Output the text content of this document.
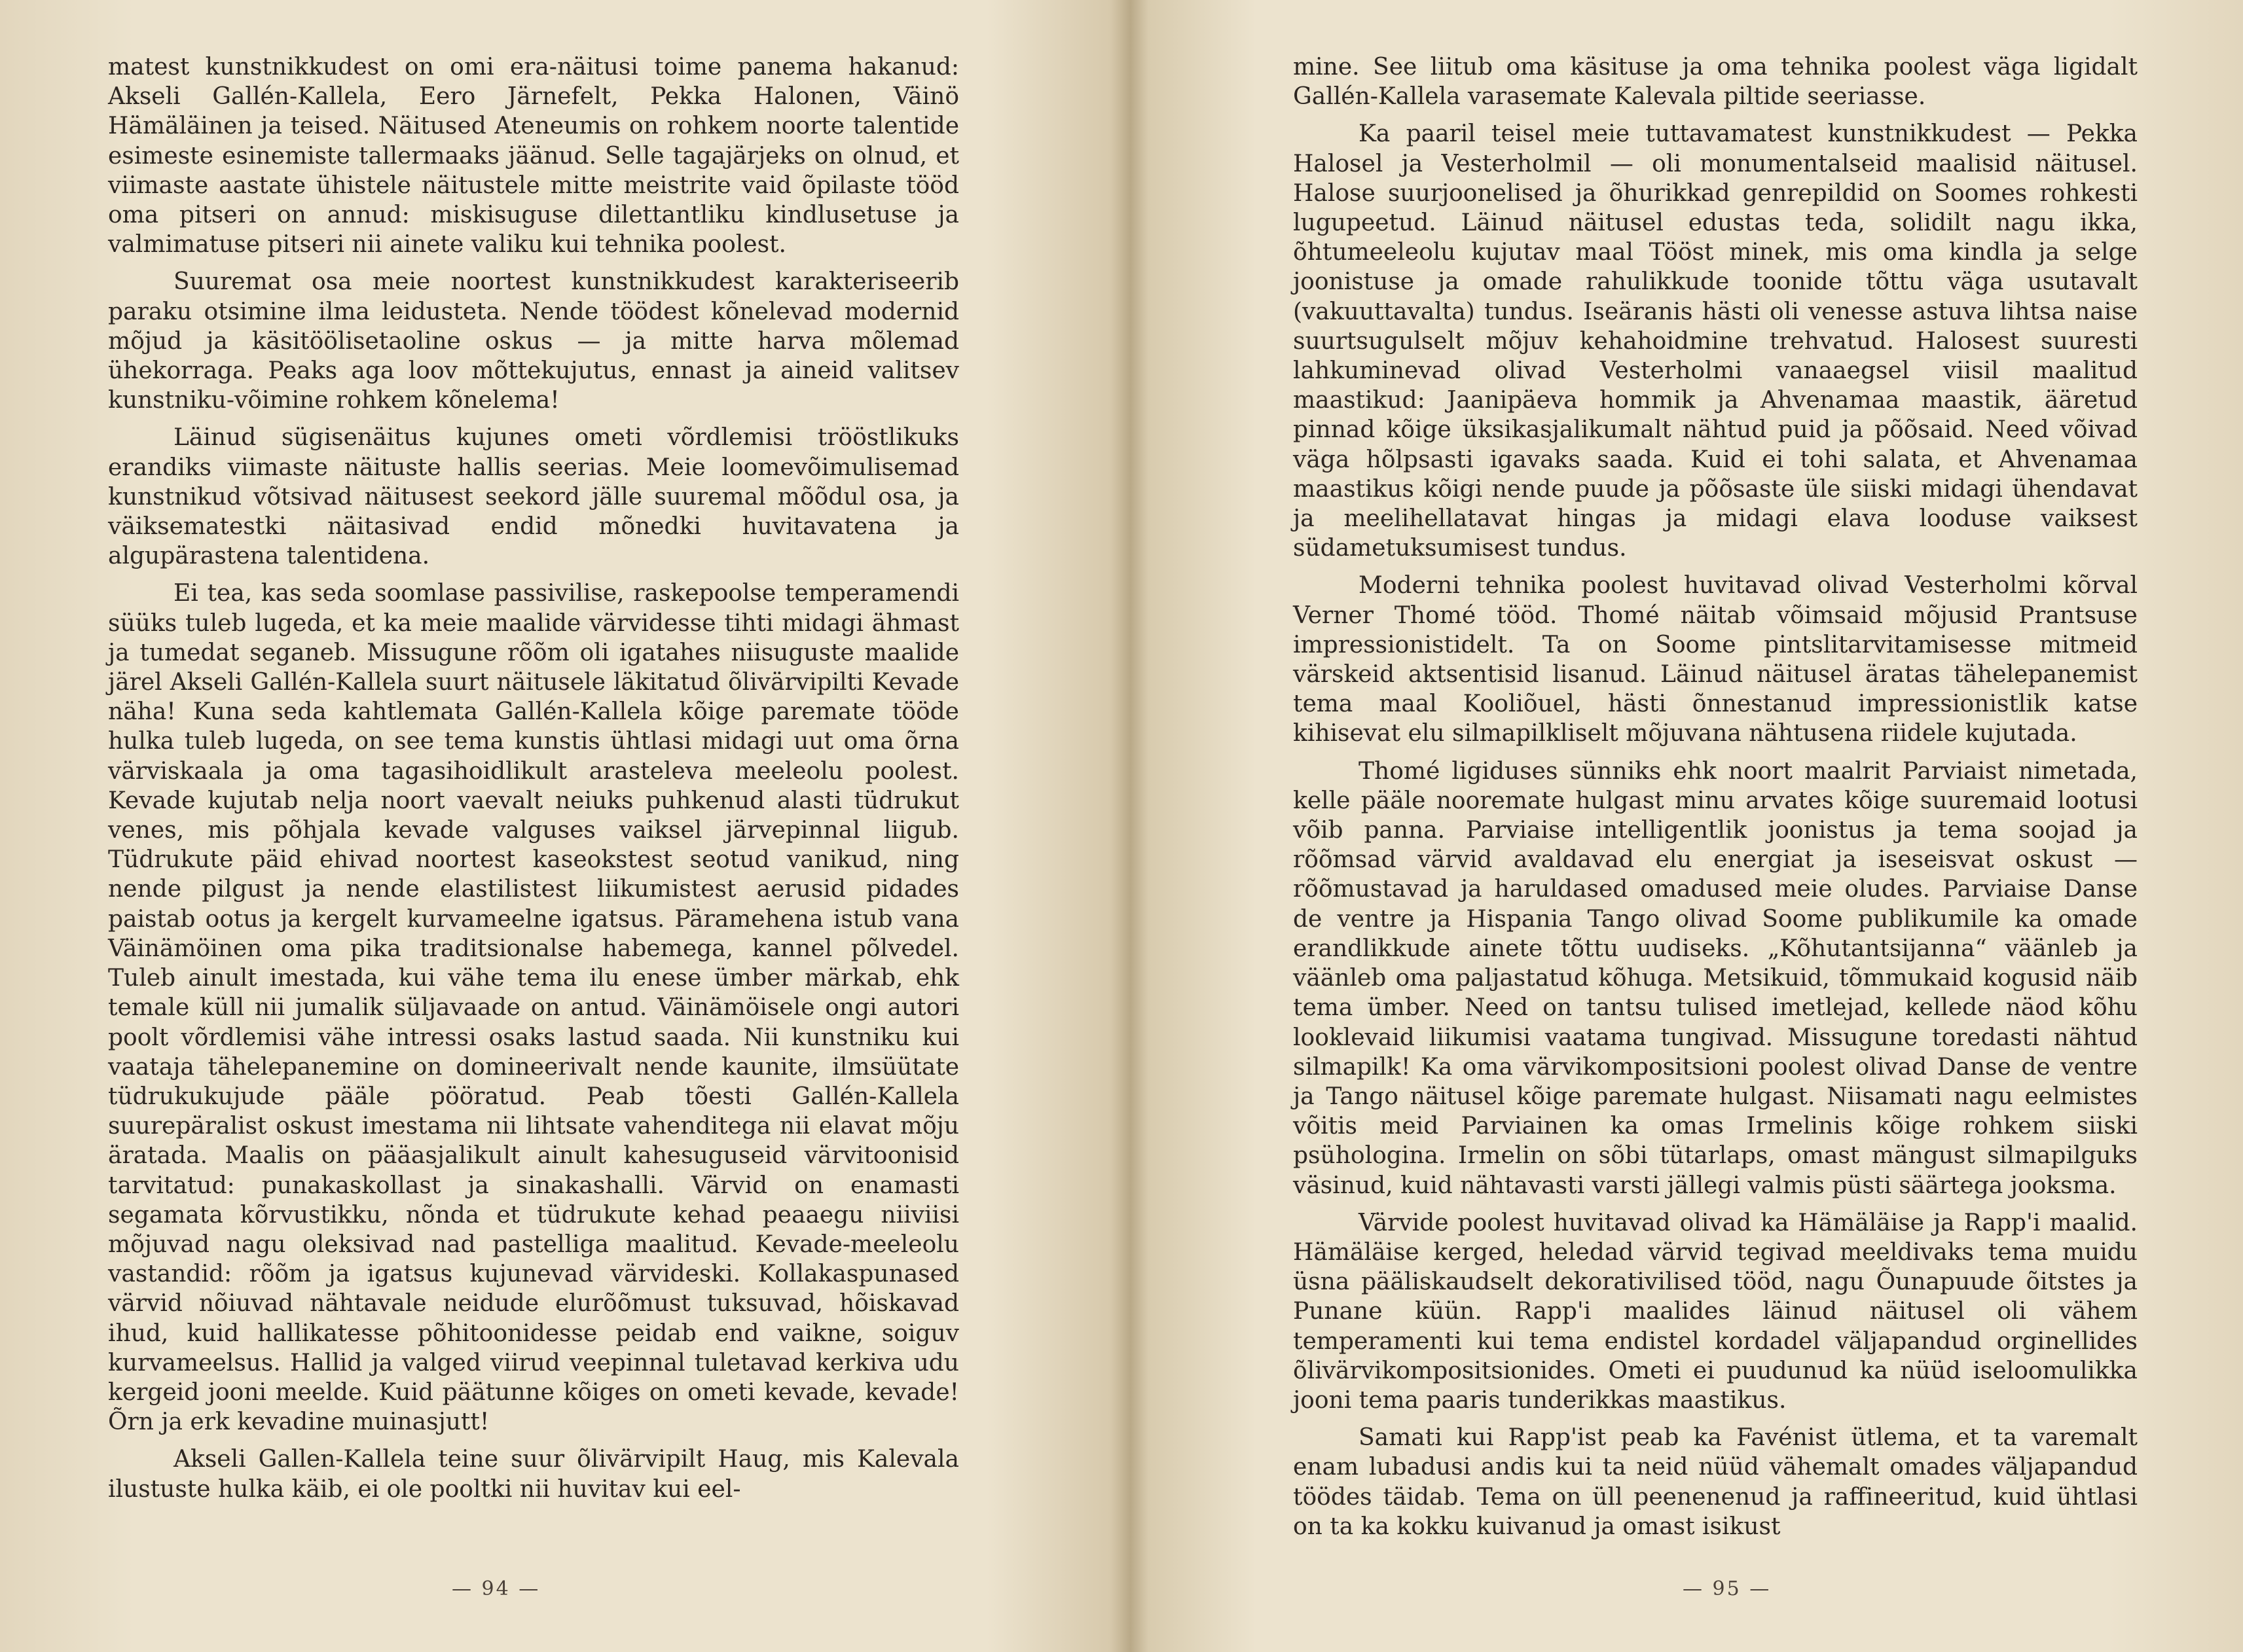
matest kunstnikkudest on omi era-näitusi toime panema hakanud: Akseli Gallén-Kallela, Eero Järnefelt, Pekka Halonen, Väinö Hämäläinen ja teised. Näitused Ateneumis on rohkem noorte talentide esimeste esinemiste tallermaaks jäänud. Selle tagajärjeks on olnud, et viimaste aastate ühistele näitustele mitte meistrite vaid õpilaste tööd oma pitseri on annud: miskisuguse dilettantliku kindlusetuse ja valmimatuse pitseri nii ainete valiku kui tehnika poolest.

Suuremat osa meie noortest kunstnikkudest karakteriseerib paraku otsimine ilma leidusteta. Nende töödest kõnelevad modernid mõjud ja käsitöölisetaoline oskus — ja mitte harva mõlemad ühekorraga. Peaks aga loov mõttekujutus, ennast ja aineid valitsev kunstniku-võimine rohkem kõnelema!

Läinud sügisenäitus kujunes ometi võrdlemisi trööstlikuks erandiks viimaste näituste hallis seerias. Meie loomevõimulisemad kunstnikud võtsivad näitusest seekord jälle suuremal mõõdul osa, ja väiksematestki näitasivad endid mõnedki huvitavatena ja algupärastena talentidena.

Ei tea, kas seda soomlase passivilise, raskepoolse temperamendi süüks tuleb lugeda, et ka meie maalide värvidesse tihti midagi ähmast ja tumedat seganeb. Missugune rõõm oli igatahes niisuguste maalide järel Akseli Gallén-Kallela suurt näitusele läkitatud õlivärvipilti Kevade näha! Kuna seda kahtlemata Gallén-Kallela kõige paremate tööde hulka tuleb lugeda, on see tema kunstis ühtlasi midagi uut oma õrna värviskaala ja oma tagasihoidlikult arasteleva meeleolu poolest. Kevade kujutab nelja noort vaevalt neiuks puhkenud alasti tüdrukut venes, mis põhjala kevade valguses vaiksel järvepinnal liigub. Tüdrukute päid ehivad noortest kaseokstest seotud vanikud, ning nende pilgust ja nende elastilistest liikumistest aerusid pidades paistab ootus ja kergelt kurvameelne igatsus. Päramehena istub vana Väinämöinen oma pika traditsionalse habemega, kannel põlvedel. Tuleb ainult imestada, kui vähe tema ilu enese ümber märkab, ehk temale küll nii jumalik süljavaade on antud. Väinämöisele ongi autori poolt võrdlemisi vähe intressi osaks lastud saada. Nii kunstniku kui vaataja tähelepanemine on domineerivalt nende kaunite, ilmsüütate tüdrukukujude pääle pööratud. Peab tõesti Gallén-Kallela suurepäralist oskust imestama nii lihtsate vahenditega nii elavat mõju äratada. Maalis on pääasjalikult ainult kahesuguseid värvitoonisid tarvitatud: punakaskollast ja sinakashalli. Värvid on enamasti segamata kõrvustikku, nõnda et tüdrukute kehad peaaegu niiviisi mõjuvad nagu oleksivad nad pastelliga maalitud. Kevade-meeleolu vastandid: rõõm ja igatsus kujunevad värvideski. Kollakaspunased värvid nõiuvad nähtavale neidude elurõõmust tuksuvad, hõiskavad ihud, kuid hallikatesse põhitoonidesse peidab end vaikne, soiguv kurvameelsus. Hallid ja valged viirud veepinnal tuletavad kerkiva udu kergeid jooni meelde. Kuid päätunne kõiges on ometi kevade, kevade! Õrn ja erk kevadine muinasjutt!

Akseli Gallen-Kallela teine suur õlivärvipilt Haug, mis Kalevala ilustuste hulka käib, ei ole pooltki nii huvitav kui eel-

— 94 —

mine. See liitub oma käsituse ja oma tehnika poolest väga ligidalt Gallén-Kallela varasemate Kalevala piltide seeriasse.

Ka paaril teisel meie tuttavamatest kunstnikkudest — Pekka Halosel ja Vesterholmil — oli monumentalseid maalisid näitusel. Halose suurjoonelised ja õhurikkad genrepildid on Soomes rohkesti lugupeetud. Läinud näitusel edustas teda, solidilt nagu ikka, õhtumeeleolu kujutav maal Tööst minek, mis oma kindla ja selge joonistuse ja omade rahulikkude toonide tõttu väga usutavalt (vakuuttavalta) tundus. Iseäranis hästi oli venesse astuva lihtsa naise suurtsugulselt mõjuv kehahoidmine trehvatud. Halosest suuresti lahkuminevad olivad Vesterholmi vanaaegsel viisil maalitud maastikud: Jaanipäeva hommik ja Ahvenamaa maastik, ääretud pinnad kõige üksikasjalikumalt nähtud puid ja põõsaid. Need võivad väga hõlpsasti igavaks saada. Kuid ei tohi salata, et Ahvenamaa maastikus kõigi nende puude ja põõsaste üle siiski midagi ühendavat ja meelihellatavat hingas ja midagi elava looduse vaiksest südametuksumisest tundus.

Moderni tehnika poolest huvitavad olivad Vesterholmi kõrval Verner Thomé tööd. Thomé näitab võimsaid mõjusid Prantsuse impressionistidelt. Ta on Soome pintslitarvitamisesse mitmeid värskeid aktsentisid lisanud. Läinud näitusel äratas tähelepanemist tema maal Kooliõuel, hästi õnnestanud impressionistlik katse kihisevat elu silmapilkliselt mõjuvana nähtusena riidele kujutada.

Thomé ligiduses sünniks ehk noort maalrit Parviaist nimetada, kelle pääle nooremate hulgast minu arvates kõige suuremaid lootusi võib panna. Parviaise intelligentlik joonistus ja tema soojad ja rõõmsad värvid avaldavad elu energiat ja iseseisvat oskust — rõõmustavad ja haruldased omadused meie oludes. Parviaise Danse de ventre ja Hispania Tango olivad Soome publikumile ka omade erandlikkude ainete tõttu uudiseks. „Kõhutantsijanna“ väänleb ja väänleb oma paljastatud kõhuga. Metsikuid, tõmmukaid kogusid näib tema ümber. Need on tantsu tulised imetlejad, kellede näod kõhu looklevaid liikumisi vaatama tungivad. Missugune toredasti nähtud silmapilk! Ka oma värvikompositsioni poolest olivad Danse de ventre ja Tango näitusel kõige paremate hulgast. Niisamati nagu eelmistes võitis meid Parviainen ka omas Irmelinis kõige rohkem siiski psühologina. Irmelin on sõbi tütarlaps, omast mängust silmapilguks väsinud, kuid nähtavasti varsti jällegi valmis püsti säärtega jooksma.

Värvide poolest huvitavad olivad ka Hämäläise ja Rapp'i maalid. Hämäläise kerged, heledad värvid tegivad meeldivaks tema muidu üsna pääliskaudselt dekorativilised tööd, nagu Õunapuude õitstes ja Punane küün. Rapp'i maalides läinud näitusel oli vähem temperamenti kui tema endistel kordadel väljapandud orginellides õlivärvikompositsionides. Ometi ei puudunud ka nüüd iseloomulikka jooni tema paaris tunderikkas maastikus.

Samati kui Rapp'ist peab ka Favénist ütlema, et ta varemalt enam lubadusi andis kui ta neid nüüd vähemalt omades väljapandud töödes täidab. Tema on üll peenenenud ja raffineeritud, kuid ühtlasi on ta ka kokku kuivanud ja omast isikust

— 95 —
